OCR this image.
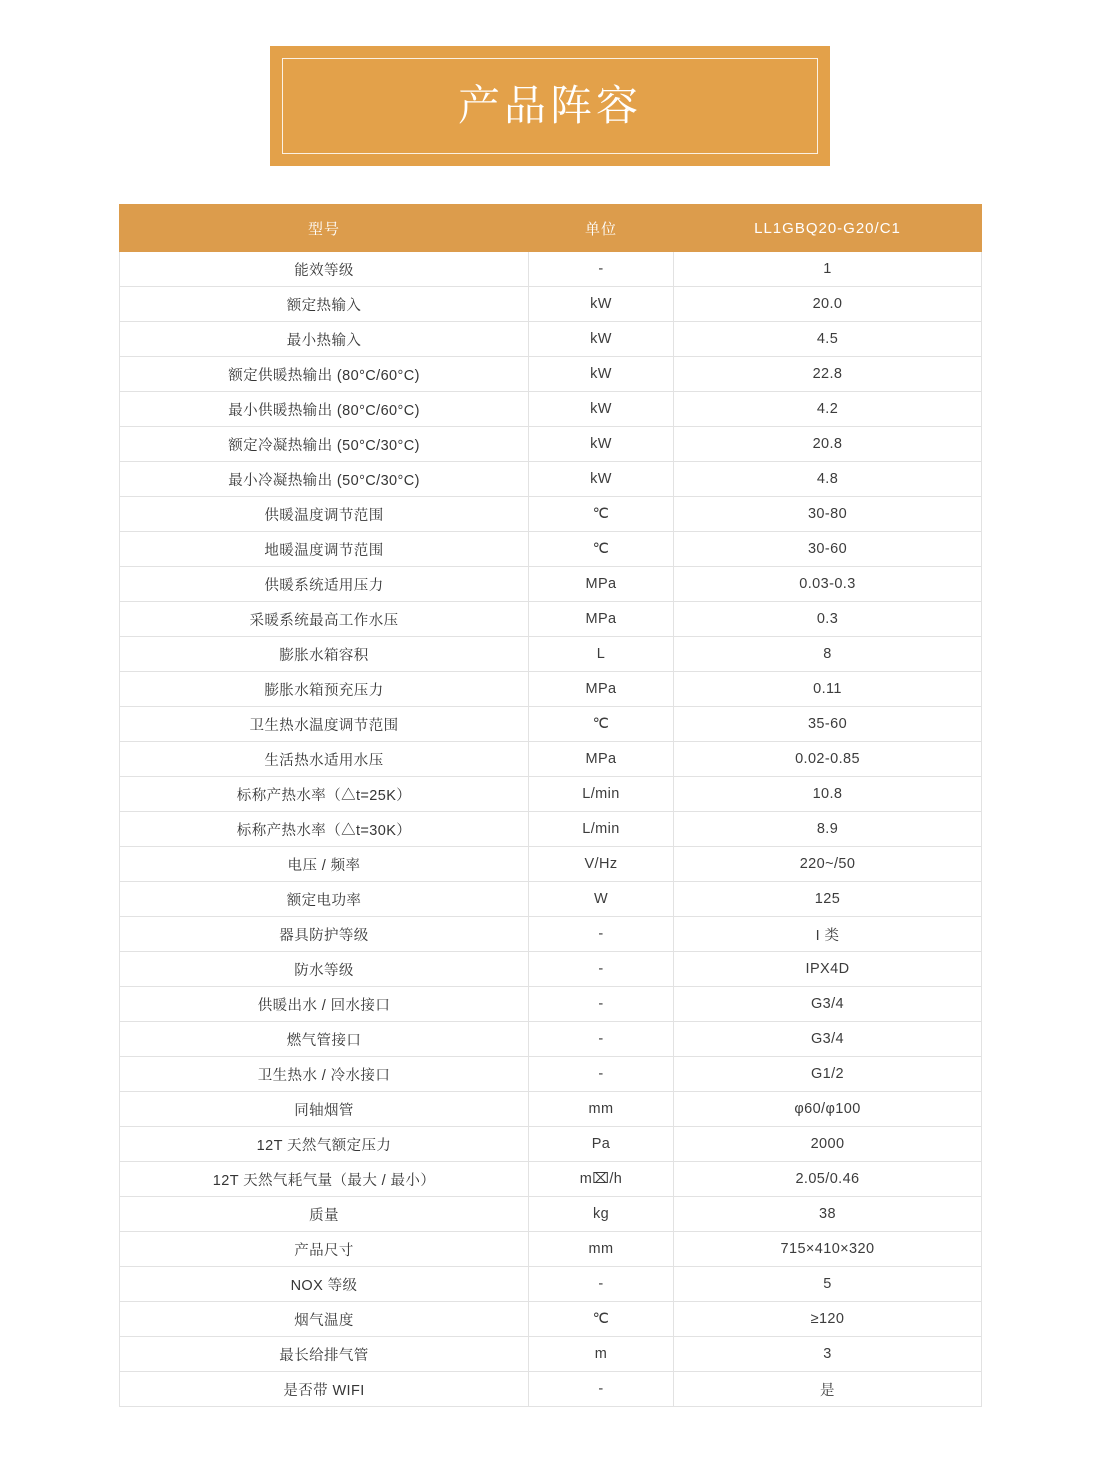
产品阵容
型号	单位	LL1GBQ20-G20/C1
能效等级	-	1
额定热输入	kW	20.0
最小热输入	kW	4.5
额定供暖热输出 (80°C/60°C)	kW	22.8
最小供暖热输出 (80°C/60°C)	kW	4.2
额定冷凝热输出 (50°C/30°C)	kW	20.8
最小冷凝热输出 (50°C/30°C)	kW	4.8
供暖温度调节范围	℃	30-80
地暖温度调节范围	℃	30-60
供暖系统适用压力	MPa	0.03-0.3
采暖系统最高工作水压	MPa	0.3
膨胀水箱容积	L	8
膨胀水箱预充压力	MPa	0.11
卫生热水温度调节范围	℃	35-60
生活热水适用水压	MPa	0.02-0.85
标称产热水率（△t=25K）	L/min	10.8
标称产热水率（△t=30K）	L/min	8.9
电压 / 频率	V/Hz	220~/50
额定电功率	W	125
器具防护等级	-	I 类
防水等级	-	IPX4D
供暖出水 / 回水接口	-	G3/4
燃气管接口	-	G3/4
卫生热水 / 冷水接口	-	G1/2
同轴烟管	mm	φ60/φ100
12T 天然气额定压力	Pa	2000
12T 天然气耗气量（最大 / 最小）	m⌧/h	2.05/0.46
质量	kg	38
产品尺寸	mm	715×410×320
NOX 等级	-	5
烟气温度	℃	≥120
最长给排气管	m	3
是否带 WIFI	-	是
